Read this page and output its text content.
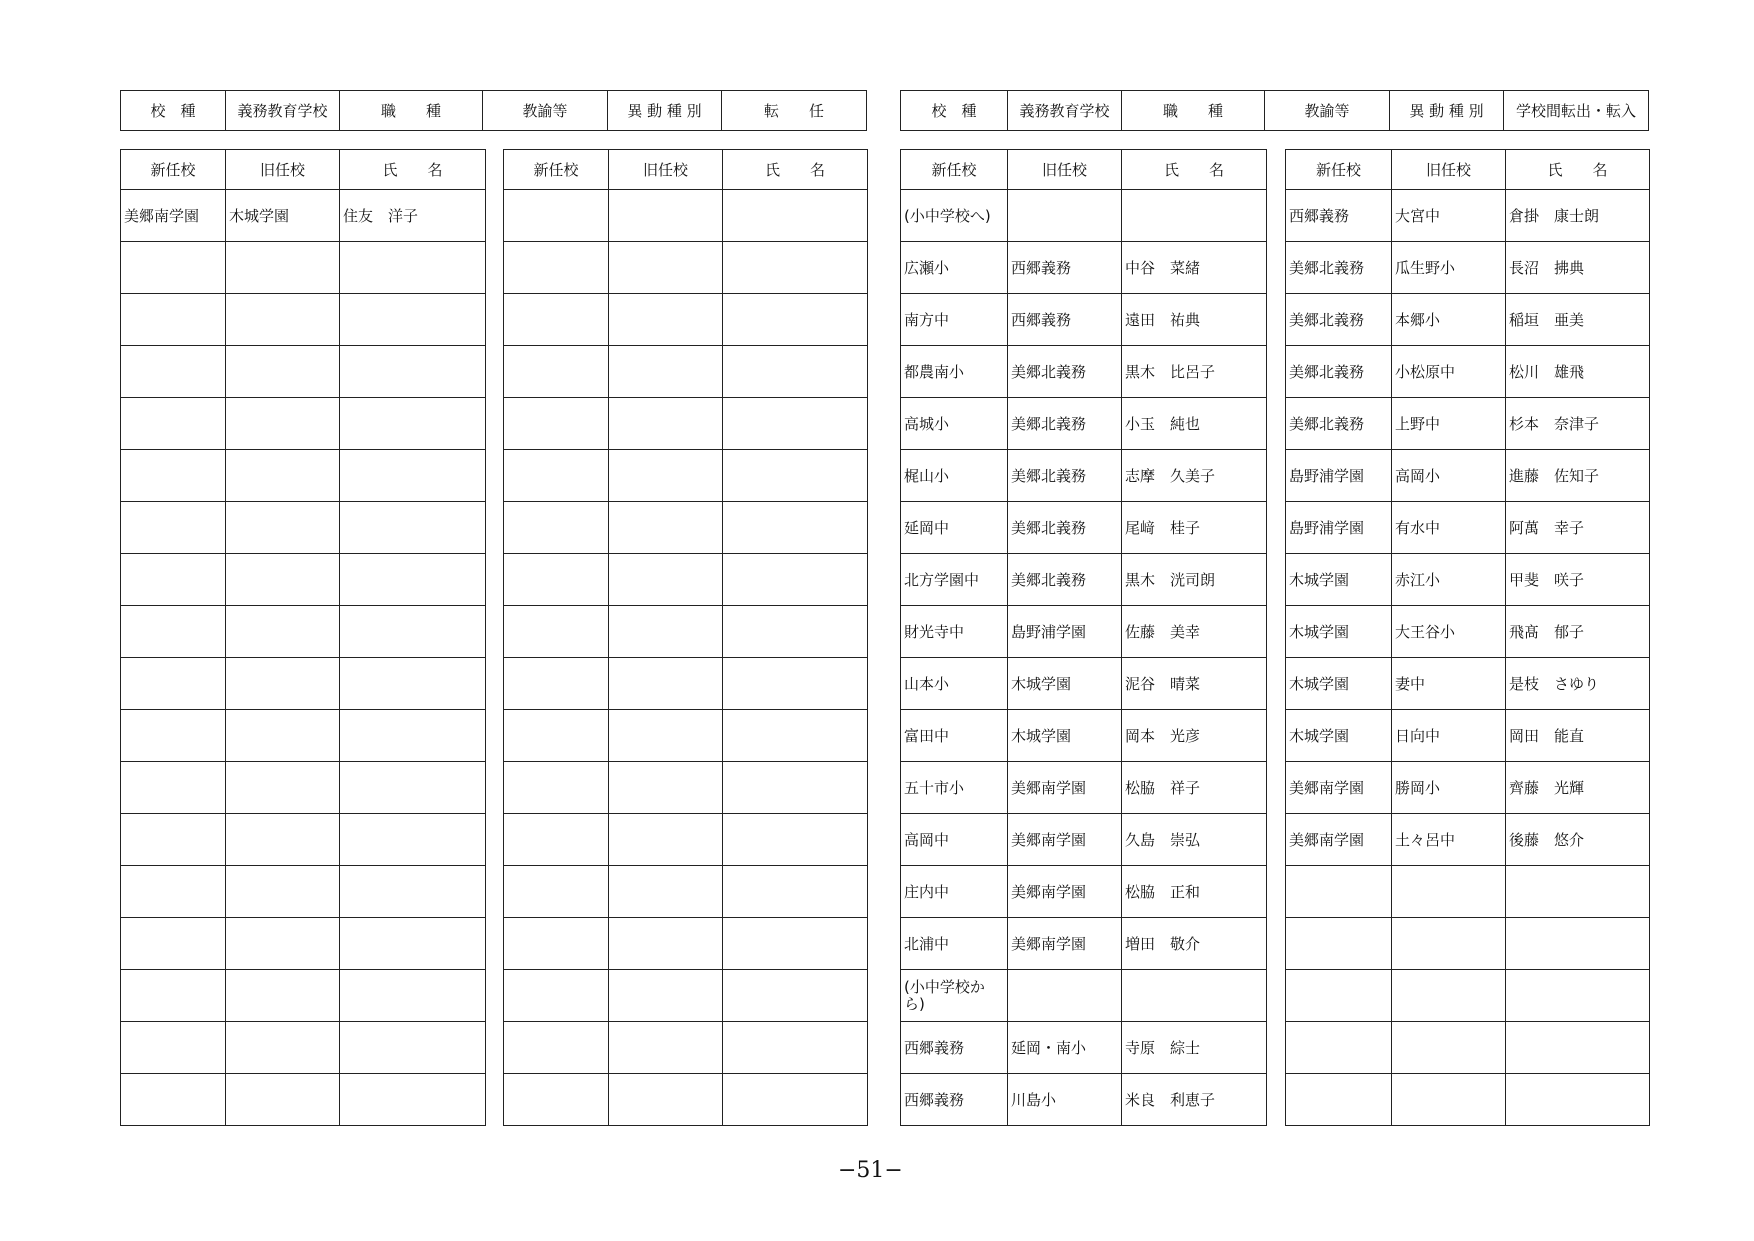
校　種	義務教育学校	職　　種	教諭等	異 動 種 別	転　　任	校　種	義務教育学校	職　　種	教諭等	異 動 種 別	学校間転出・転入
新任校	旧任校	氏　　名
美郷南学園	木城学園	住友　洋子

新任校	旧任校	氏　　名

			新任校	旧任校	氏　　名
(小中学校へ)		
広瀬小	西郷義務	中谷　菜緒
南方中	西郷義務	遠田　祐典
都農南小	美郷北義務	黒木　比呂子
高城小	美郷北義務	小玉　純也
梶山小	美郷北義務	志摩　久美子
延岡中	美郷北義務	尾﨑　桂子
北方学園中	美郷北義務	黒木　洸司朗
財光寺中	島野浦学園	佐藤　美幸
山本小	木城学園	泥谷　晴菜
富田中	木城学園	岡本　光彦
五十市小	美郷南学園	松脇　祥子
高岡中	美郷南学園	久島　崇弘
庄内中	美郷南学園	松脇　正和
北浦中	美郷南学園	増田　敬介
(小中学校から)		
西郷義務	延岡・南小	寺原　綜士
西郷義務	川島小	米良　利恵子
新任校	旧任校	氏　　名
西郷義務	大宮中	倉掛　康士朗
美郷北義務	瓜生野小	長沼　拂典
美郷北義務	本郷小	稲垣　亜美
美郷北義務	小松原中	松川　雄飛
美郷北義務	上野中	杉本　奈津子
島野浦学園	高岡小	進藤　佐知子
島野浦学園	有水中	阿萬　幸子
木城学園	赤江小	甲斐　咲子
木城学園	大王谷小	飛髙　郁子
木城学園	妻中	是枝　さゆり
木城学園	日向中	岡田　能直
美郷南学園	勝岡小	齊藤　光輝
美郷南学園	土々呂中	後藤　悠介

−51−
